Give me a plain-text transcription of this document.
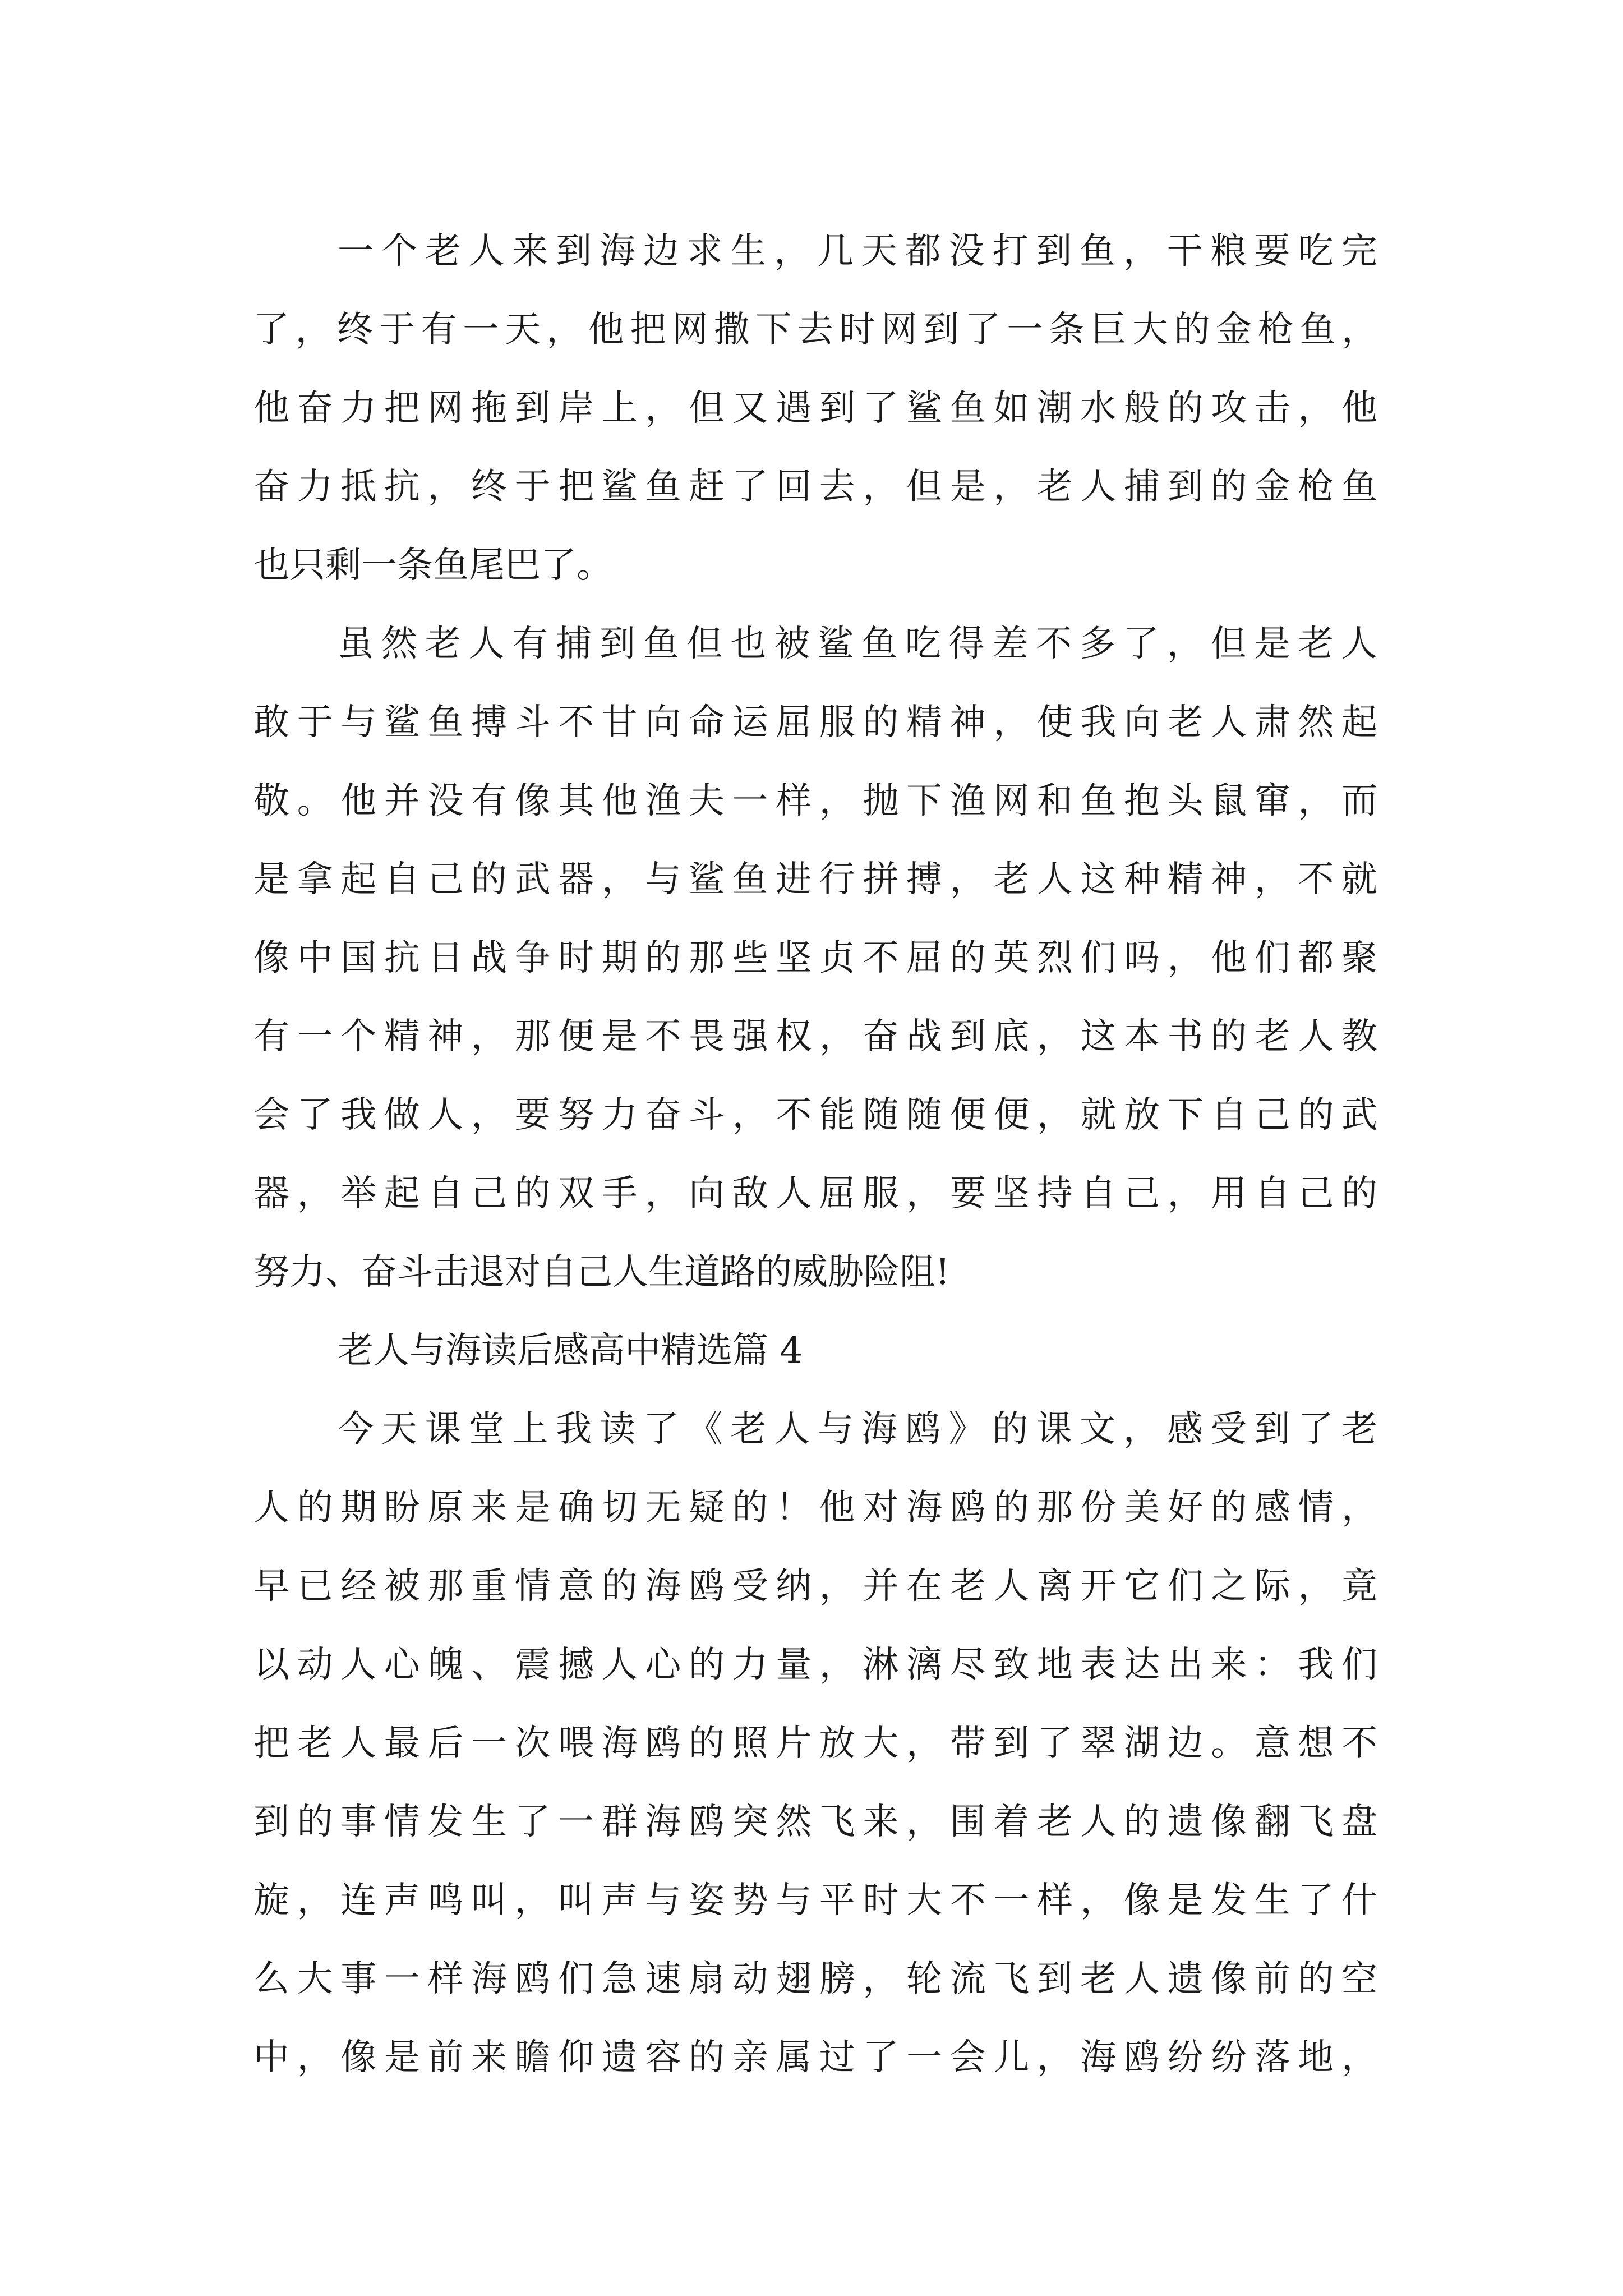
一个老人来到海边求生，几天都没打到鱼，干粮要吃完
了，终于有一天，他把网撒下去时网到了一条巨大的金枪鱼，
他奋力把网拖到岸上，但又遇到了鲨鱼如潮水般的攻击，他
奋力抵抗，终于把鲨鱼赶了回去，但是，老人捕到的金枪鱼
也只剩一条鱼尾巴了。
虽然老人有捕到鱼但也被鲨鱼吃得差不多了，但是老人
敢于与鲨鱼搏斗不甘向命运屈服的精神，使我向老人肃然起
敬。他并没有像其他渔夫一样，抛下渔网和鱼抱头鼠窜，而
是拿起自己的武器，与鲨鱼进行拼搏，老人这种精神，不就
像中国抗日战争时期的那些坚贞不屈的英烈们吗，他们都聚
有一个精神，那便是不畏强权，奋战到底，这本书的老人教
会了我做人，要努力奋斗，不能随随便便，就放下自己的武
器，举起自己的双手，向敌人屈服，要坚持自己，用自己的
努力、奋斗击退对自己人生道路的威胁险阻!
老人与海读后感高中精选篇 4
今天课堂上我读了《老人与海鸥》的课文，感受到了老
人的期盼原来是确切无疑的！他对海鸥的那份美好的感情，
早已经被那重情意的海鸥受纳，并在老人离开它们之际，竟
以动人心魄、震撼人心的力量，淋漓尽致地表达出来：我们
把老人最后一次喂海鸥的照片放大，带到了翠湖边。意想不
到的事情发生了一群海鸥突然飞来，围着老人的遗像翻飞盘
旋，连声鸣叫，叫声与姿势与平时大不一样，像是发生了什
么大事一样海鸥们急速扇动翅膀，轮流飞到老人遗像前的空
中，像是前来瞻仰遗容的亲属过了一会儿，海鸥纷纷落地，
